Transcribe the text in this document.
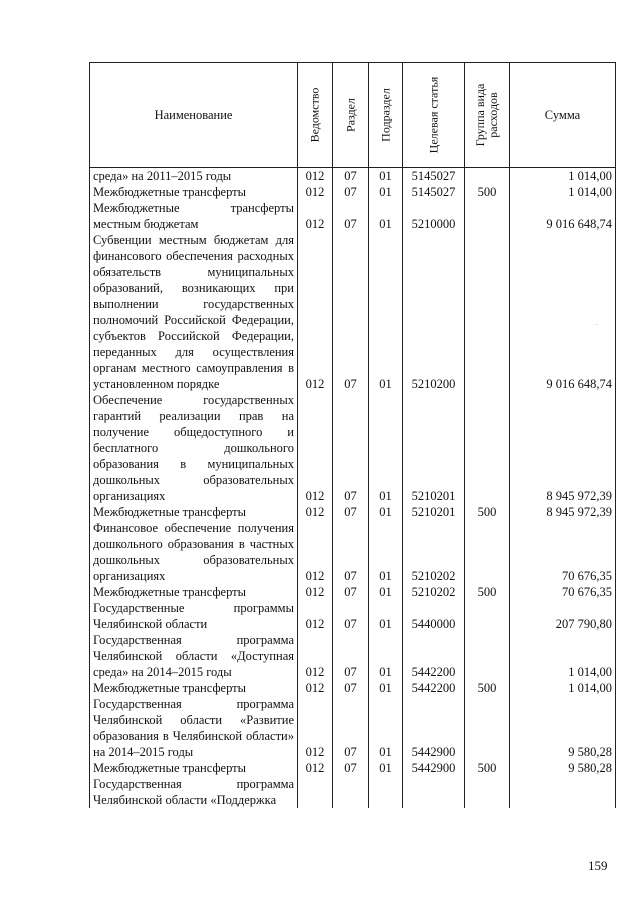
Наименование	Ведомство	Раздел	Подраздел	Целевая статья	Группа вида расходов	Сумма
среда» на 2011–2015 годы	012	07	01	5145027		1 014,00
Межбюджетные трансферты	012	07	01	5145027	500	1 014,00
Межбюджетные трансферты местным бюджетам	012	07	01	5210000		9 016 648,74
Субвенции местным бюджетам для финансового обеспечения расходных обязательств муниципальных образований, возникающих при выполнении государственных полномочий Российской Федерации, субъектов Российской Федерации, переданных для осуществления органам местного самоуправления в установленном порядке	012	07	01	5210200		9 016 648,74
Обеспечение государственных гарантий реализации прав на получение общедоступного и бесплатного дошкольного образования в муниципальных дошкольных образовательных организациях	012	07	01	5210201		8 945 972,39
Межбюджетные трансферты	012	07	01	5210201	500	8 945 972,39
Финансовое обеспечение получения дошкольного образования в частных дошкольных образовательных организациях	012	07	01	5210202		70 676,35
Межбюджетные трансферты	012	07	01	5210202	500	70 676,35
Государственные программы Челябинской области	012	07	01	5440000		207 790,80
Государственная программа Челябинской области «Доступная среда» на 2014–2015 годы	012	07	01	5442200		1 014,00
Межбюджетные трансферты	012	07	01	5442200	500	1 014,00
Государственная программа Челябинской области «Развитие образования в Челябинской области» на 2014–2015 годы	012	07	01	5442900		9 580,28
Межбюджетные трансферты	012	07	01	5442900	500	9 580,28
Государственная программа Челябинской области «Поддержка						
159
